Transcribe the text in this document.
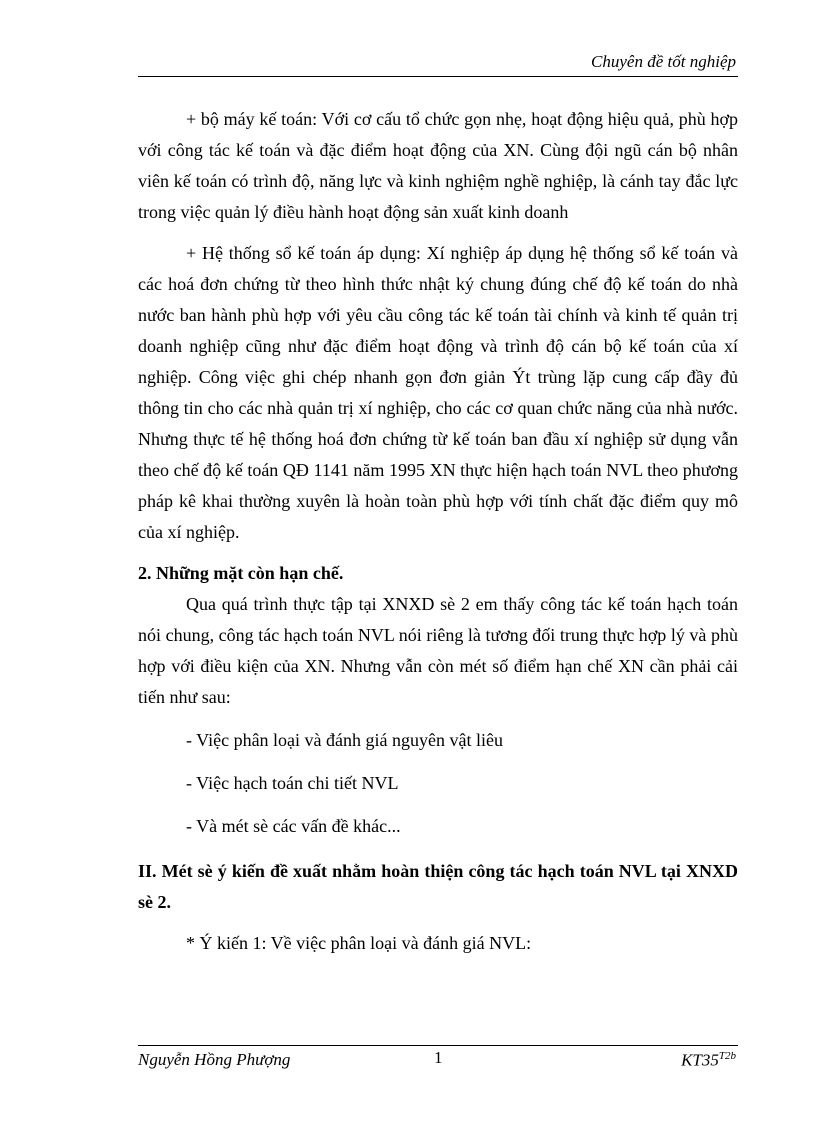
Chuyên đề tốt nghiệp

+ bộ máy kế toán: Với cơ cấu tổ chức gọn nhẹ, hoạt động hiệu quả, phù hợp với công tác kế toán và đặc điểm hoạt động của XN. Cùng đội ngũ cán bộ nhân viên kế toán có trình độ, năng lực và kinh nghiệm nghề nghiệp, là cánh tay đắc lực trong việc quản lý điều hành hoạt động sản xuất kinh doanh

+ Hệ thống sổ kế toán áp dụng: Xí nghiệp áp dụng hệ thống sổ kế toán và các hoá đơn chứng từ theo hình thức nhật ký chung đúng chế độ kế toán do nhà nước ban hành phù hợp với yêu cầu công tác kế toán tài chính và kinh tế quản trị doanh nghiệp cũng như đặc điểm hoạt động và trình độ cán bộ kế toán của xí nghiệp. Công việc ghi chép nhanh gọn đơn giản Ýt trùng lặp cung cấp đầy đủ thông tin cho các nhà quản trị xí nghiệp, cho các cơ quan chức năng của nhà nước. Nhưng thực tế hệ thống hoá đơn chứng từ kế toán ban đầu xí nghiệp sử dụng vẫn theo chế độ kế toán QĐ 1141 năm 1995 XN thực hiện hạch toán NVL theo phương pháp kê khai thường xuyên là hoàn toàn phù hợp với tính chất đặc điểm quy mô của xí nghiệp.

2. Những mặt còn hạn chế.

Qua quá trình thực tập tại XNXD sè 2 em thấy công tác kế toán hạch toán nói chung, công tác hạch toán NVL nói riêng là tương đối trung thực hợp lý và phù hợp với điều kiện của XN. Nhưng vẫn còn mét số điểm hạn chế XN cần phải cải tiến như sau:

- Việc phân loại và đánh giá nguyên vật liêu

- Việc hạch toán chi tiết NVL

- Và mét sè các vấn đề khác...

II. Mét sè ý kiến đề xuất nhằm hoàn thiện công tác hạch toán NVL tại XNXD sè 2.

* Ý kiến 1: Về việc phân loại và đánh giá NVL:

Nguyễn Hồng Phượng	1	$KT35^{T2b}$
